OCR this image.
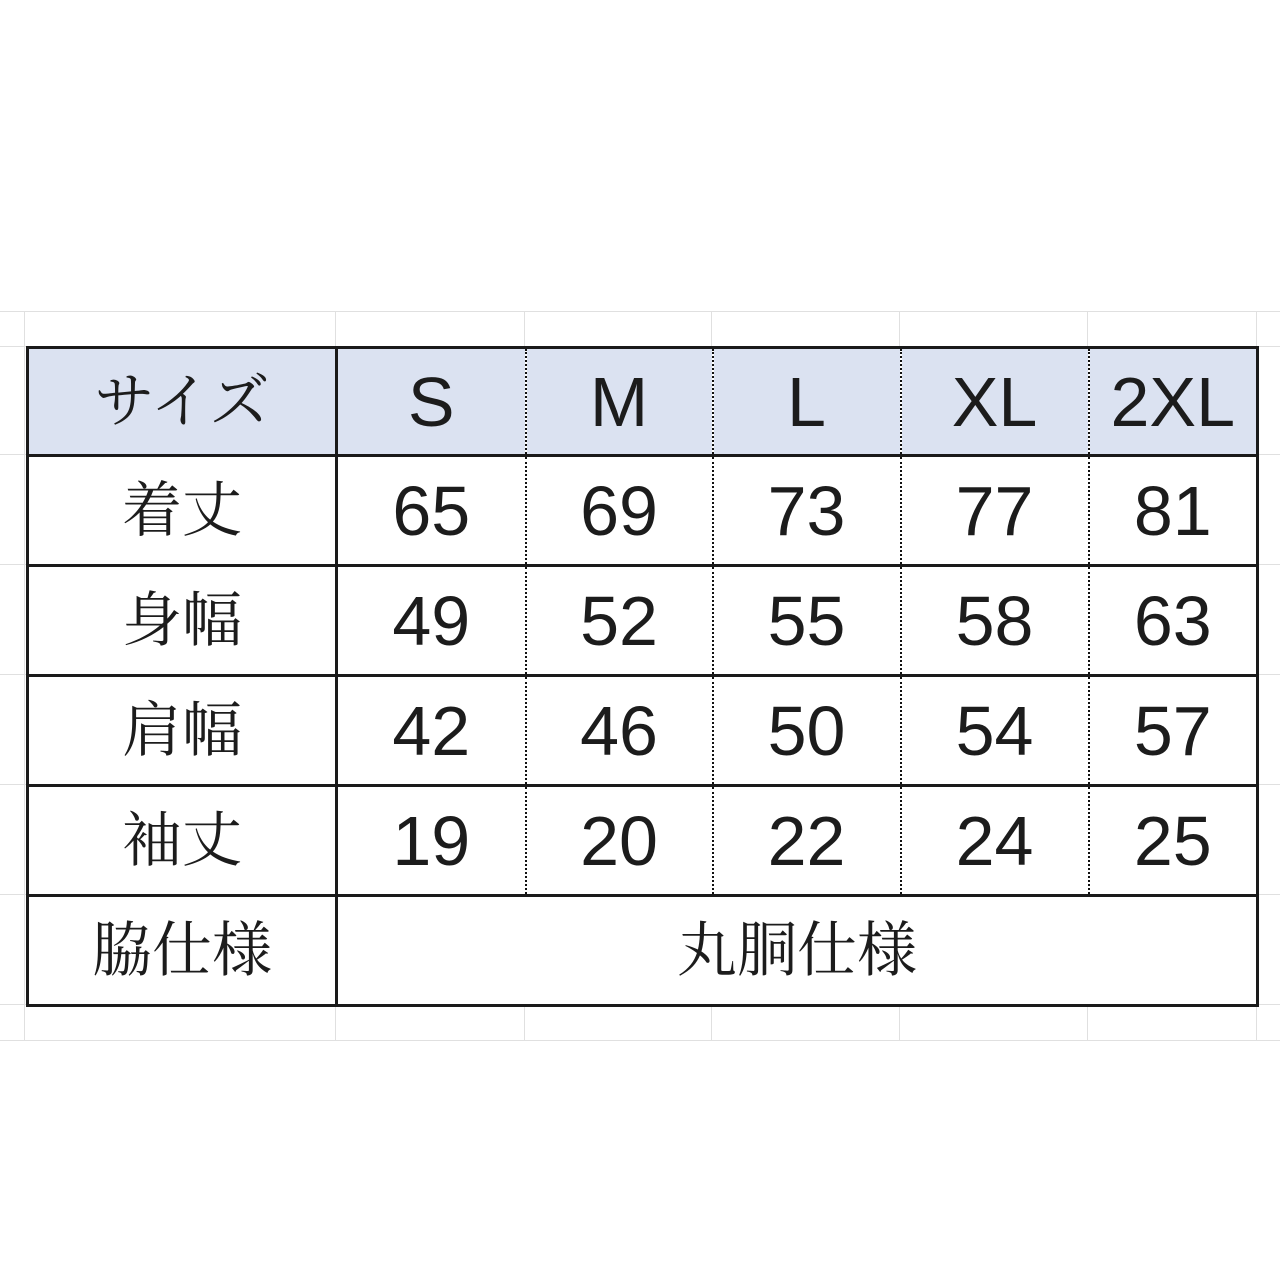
サイズ	S	M	L	XL	2XL
着丈	65	69	73	77	81
身幅	49	52	55	58	63
肩幅	42	46	50	54	57
袖丈	19	20	22	24	25
脇仕様	丸胴仕様				
